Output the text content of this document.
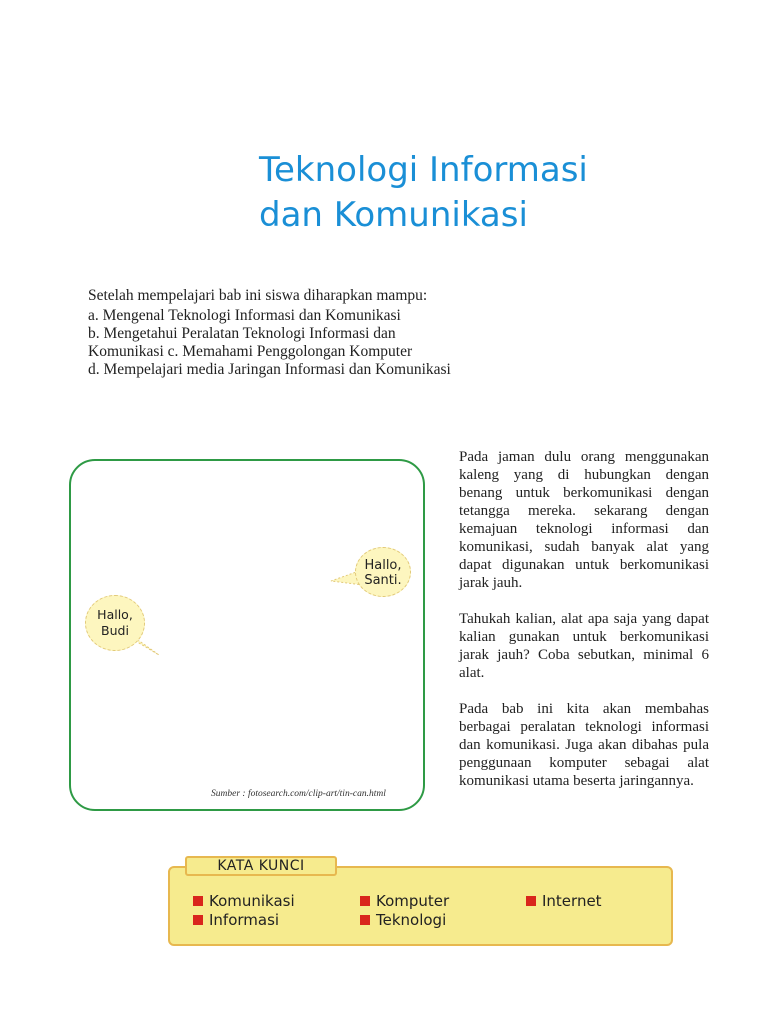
Teknologi Informasi
dan Komunikasi
Setelah mempelajari bab ini siswa diharapkan mampu:
a. Mengenal Teknologi Informasi dan Komunikasi
b. Mengetahui Peralatan Teknologi Informasi dan
Komunikasi c. Memahami Penggolongan Komputer
d. Mempelajari media Jaringan Informasi dan Komunikasi
Hallo,
Santi.
Hallo,
Budi
Sumber : fotosearch.com/clip-art/tin-can.html

Pada jaman dulu orang menggunakan kaleng yang di hubungkan dengan benang untuk berkomunikasi dengan tetangga mereka. sekarang dengan kemajuan teknologi informasi dan komunikasi, sudah banyak alat yang dapat digunakan untuk berkomunikasi jarak jauh.

Tahukah kalian, alat apa saja yang dapat kalian gunakan untuk berkomunikasi jarak jauh? Coba sebutkan, minimal 6 alat.

Pada bab ini kita akan membahas berbagai peralatan teknologi informasi dan komunikasi. Juga akan dibahas pula penggunaan komputer sebagai alat komunikasi utama beserta jaringannya.

KATA KUNCI
Komunikasi	Komputer	Internet
Informasi	Teknologi
